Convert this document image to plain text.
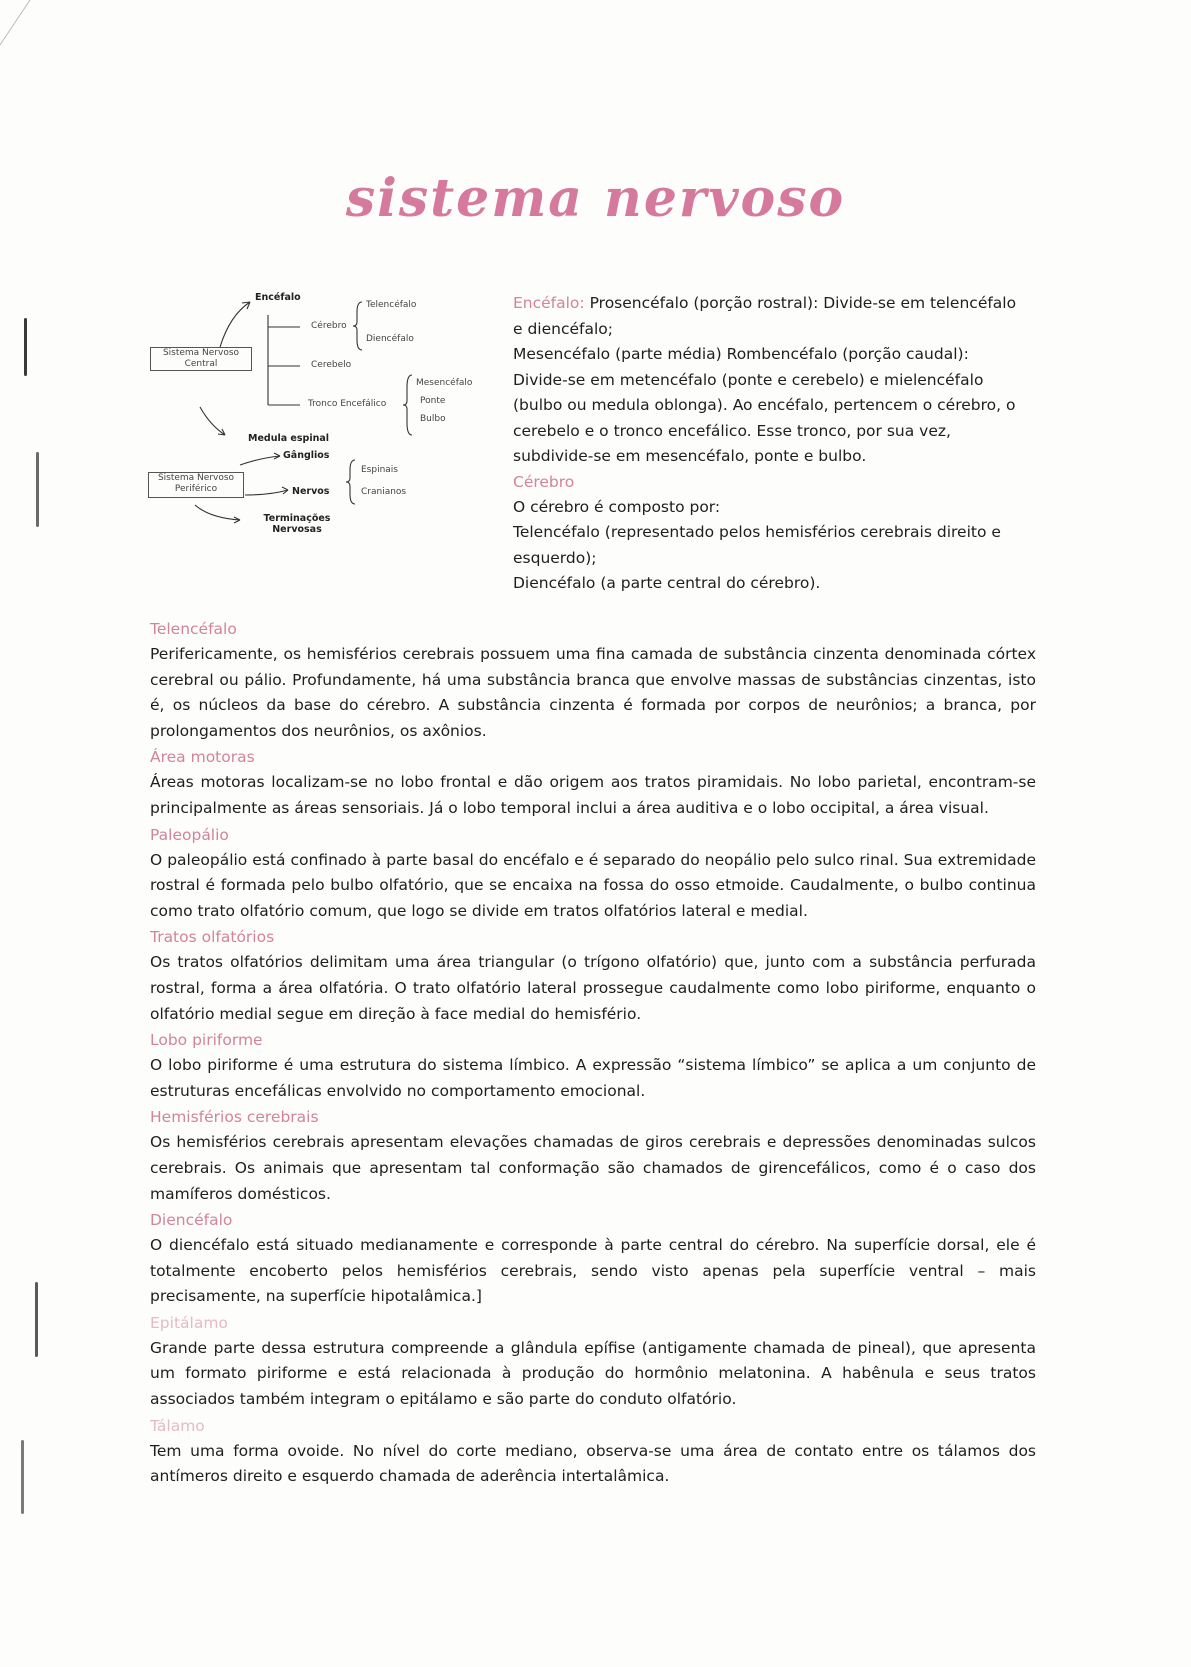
sistema nervoso
Sistema Nervoso Central
Encéfalo
Cérebro
Telencéfalo
Diencéfalo
Cerebelo
Tronco Encefálico
Mesencéfalo
Ponte
Bulbo
Medula espinal
Sistema Nervoso Periférico
Gânglios
Nervos
Espinais
Cranianos
Terminações Nervosas

Encéfalo: Prosencéfalo (porção rostral): Divide-se em telencéfalo e diencéfalo;

Mesencéfalo (parte média) Rombencéfalo (porção caudal): Divide-se em metencéfalo (ponte e cerebelo) e mielencéfalo (bulbo ou medula oblonga). Ao encéfalo, pertencem o cérebro, o cerebelo e o tronco encefálico. Esse tronco, por sua vez, subdivide-se em mesencéfalo, ponte e bulbo.

Cérebro

O cérebro é composto por:

Telencéfalo (representado pelos hemisférios cerebrais direito e esquerdo);

Diencéfalo (a parte central do cérebro).

Telencéfalo

Perifericamente, os hemisférios cerebrais possuem uma fina camada de substância cinzenta denominada córtex cerebral ou pálio. Profundamente, há uma substância branca que envolve massas de substâncias cinzentas, isto é, os núcleos da base do cérebro. A substância cinzenta é formada por corpos de neurônios; a branca, por prolongamentos dos neurônios, os axônios.

Área motoras

Áreas motoras localizam-se no lobo frontal e dão origem aos tratos piramidais. No lobo parietal, encontram-se principalmente as áreas sensoriais. Já o lobo temporal inclui a área auditiva e o lobo occipital, a área visual.

Paleopálio

O paleopálio está confinado à parte basal do encéfalo e é separado do neopálio pelo sulco rinal. Sua extremidade rostral é formada pelo bulbo olfatório, que se encaixa na fossa do osso etmoide. Caudalmente, o bulbo continua como trato olfatório comum, que logo se divide em tratos olfatórios lateral e medial.

Tratos olfatórios

Os tratos olfatórios delimitam uma área triangular (o trígono olfatório) que, junto com a substância perfurada rostral, forma a área olfatória. O trato olfatório lateral prossegue caudalmente como lobo piriforme, enquanto o olfatório medial segue em direção à face medial do hemisfério.

Lobo piriforme

O lobo piriforme é uma estrutura do sistema límbico. A expressão “sistema límbico” se aplica a um conjunto de estruturas encefálicas envolvido no comportamento emocional.

Hemisférios cerebrais

Os hemisférios cerebrais apresentam elevações chamadas de giros cerebrais e depressões denominadas sulcos cerebrais. Os animais que apresentam tal conformação são chamados de girencefálicos, como é o caso dos mamíferos domésticos.

Diencéfalo

O diencéfalo está situado medianamente e corresponde à parte central do cérebro. Na superfície dorsal, ele é totalmente encoberto pelos hemisférios cerebrais, sendo visto apenas pela superfície ventral – mais precisamente, na superfície hipotalâmica.]

Epitálamo

Grande parte dessa estrutura compreende a glândula epífise (antigamente chamada de pineal), que apresenta um formato piriforme e está relacionada à produção do hormônio melatonina. A habênula e seus tratos associados também integram o epitálamo e são parte do conduto olfatório.

Tálamo

Tem uma forma ovoide. No nível do corte mediano, observa-se uma área de contato entre os tálamos dos antímeros direito e esquerdo chamada de aderência intertalâmica.
